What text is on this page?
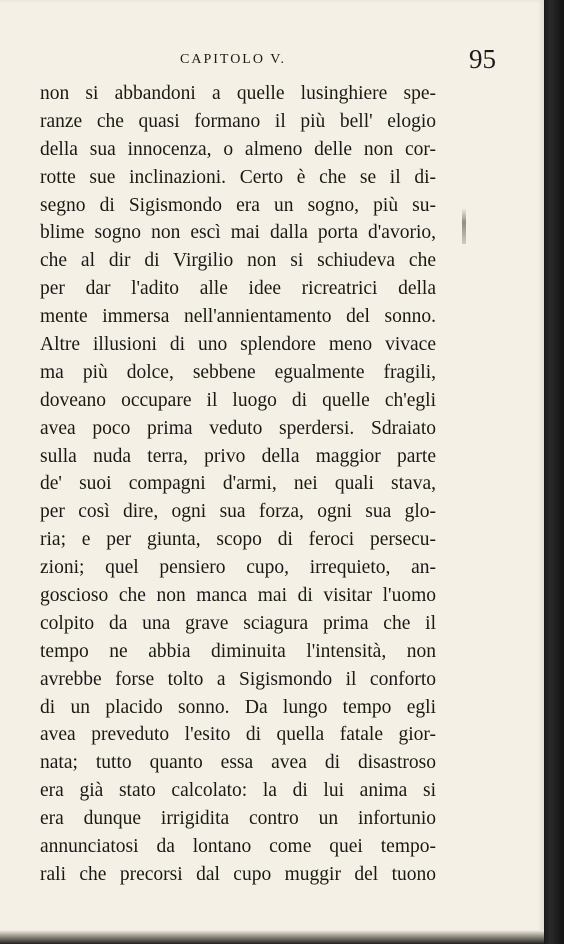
CAPITOLO V.	95
non si abbandoni a quelle lusinghiere spe-
ranze che quasi formano il più bell' elogio
della sua innocenza, o almeno delle non cor-
rotte sue inclinazioni. Certo è che se il di-
segno di Sigismondo era un sogno, più su-
blime sogno non escì mai dalla porta d'avorio,
che al dir di Virgilio non si schiudeva che
per dar l'adito alle idee ricreatrici della
mente immersa nell'annientamento del sonno.
Altre illusioni di uno splendore meno vivace
ma più dolce, sebbene egualmente fragili,
doveano occupare il luogo di quelle ch'egli
avea poco prima veduto sperdersi. Sdraiato
sulla nuda terra, privo della maggior parte
de' suoi compagni d'armi, nei quali stava,
per così dire, ogni sua forza, ogni sua glo-
ria; e per giunta, scopo di feroci persecu-
zioni; quel pensiero cupo, irrequieto, an-
goscioso che non manca mai di visitar l'uomo
colpito da una grave sciagura prima che il
tempo ne abbia diminuita l'intensità, non
avrebbe forse tolto a Sigismondo il conforto
di un placido sonno. Da lungo tempo egli
avea preveduto l'esito di quella fatale gior-
nata; tutto quanto essa avea di disastroso
era già stato calcolato: la di lui anima si
era dunque irrigidita contro un infortunio
annunciatosi da lontano come quei tempo-
rali che precorsi dal cupo muggir del tuono
